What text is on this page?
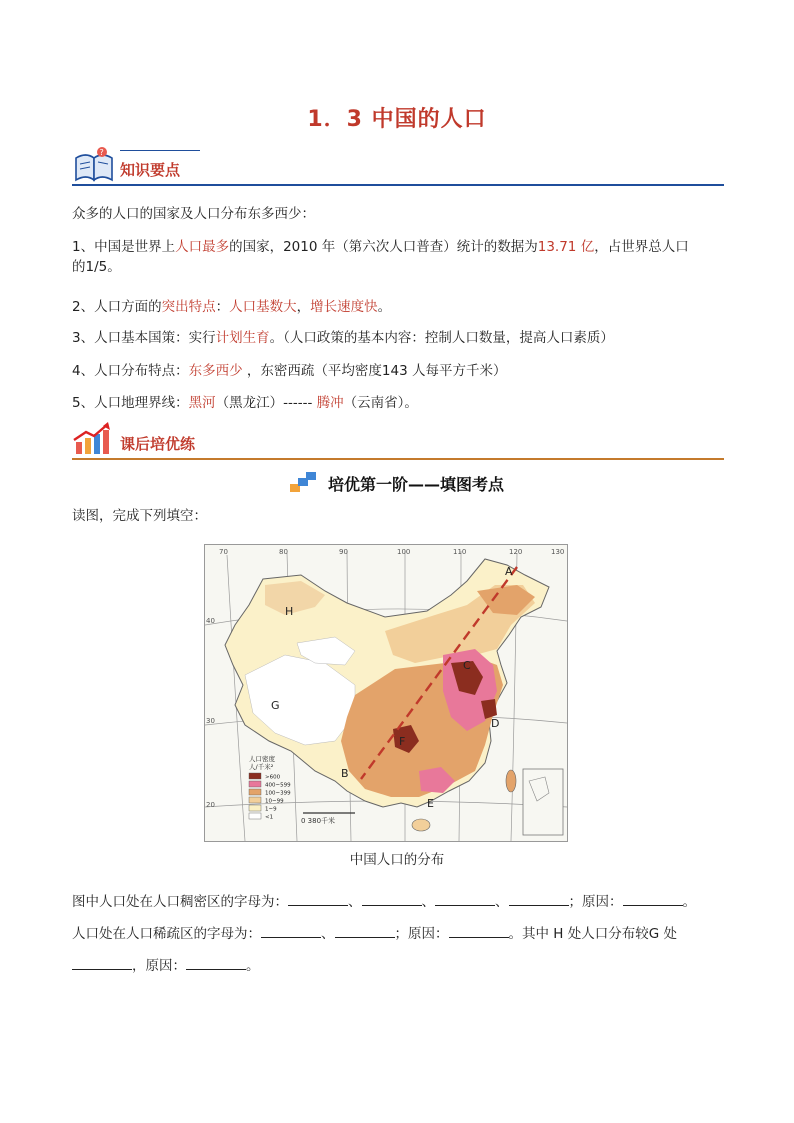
1．3 中国的人口
?
知识要点
众多的人口的国家及人口分布东多西少：
1、中国是世界上人口最多的国家，2010 年（第六次人口普查）统计的数据为13.71 亿，占世界总人口
的1/5。
2、人口方面的突出特点：人口基数大，增长速度快。
3、人口基本国策：实行计划生育。（人口政策的基本内容：控制人口数量，提高人口素质）
4、人口分布特点：东多西少 ，东密西疏（平均密度143 人每平方千米）
5、人口地理界线：黑河（黑龙江）------ 腾冲（云南省）。
课后培优练
培优第一阶——填图考点
读图，完成下列填空：
0 380千米
人口密度
人/千米²
>600
400~599
100~399
10~99
1~9
<1
70	80	90	100	110	120	130
40
30
20
A
B
C
D
E
F
G
H
中国人口的分布
图中人口处在人口稠密区的字母为：	、	、	、	；原因：	。
人口处在人口稀疏区的字母为：	、	；原因：	。其中 H 处人口分布较G 处
，原因：	。
